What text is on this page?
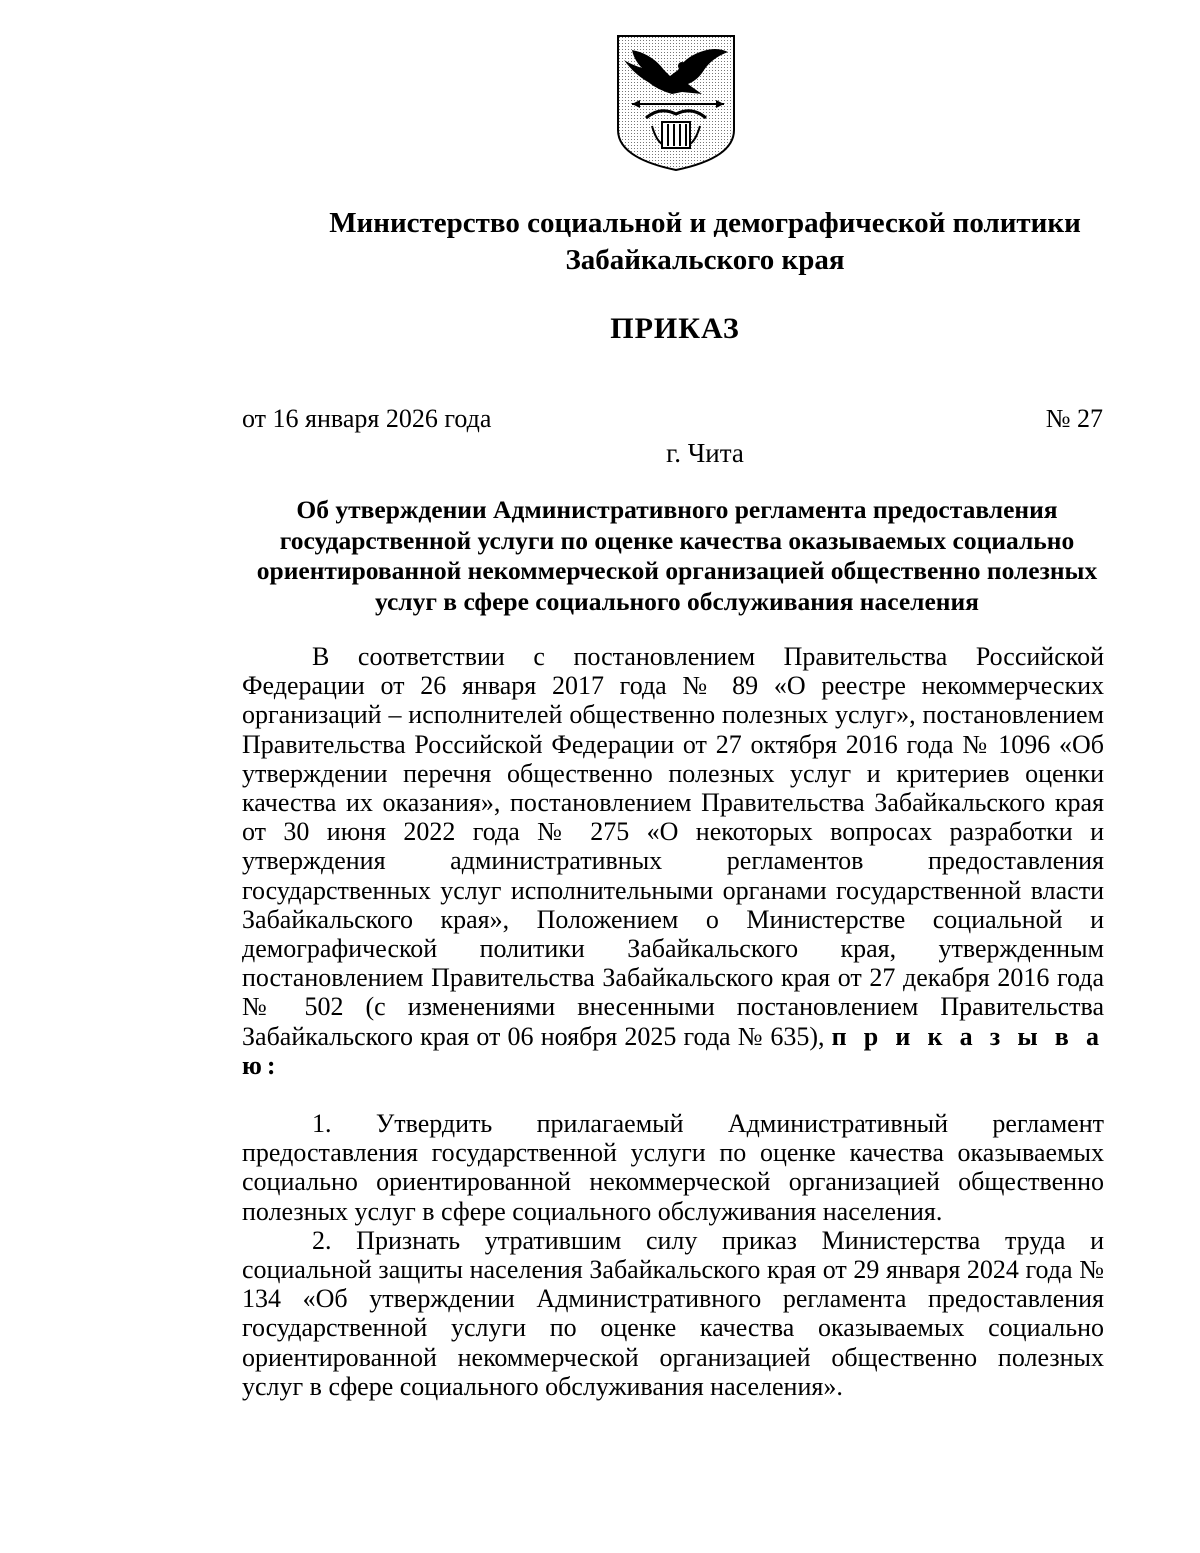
Министерство социальной и демографической политики
Забайкальского края
ПРИКАЗ
от 16 января 2026 года	№ 27
г. Чита
Об утверждении Административного регламента предоставления
государственной услуги по оценке качества оказываемых социально
ориентированной некоммерческой организацией общественно полезных
услуг в сфере социального обслуживания населения

В соответствии с постановлением Правительства Российской Федерации от 26 января 2017 года № 89 «О реестре некоммерческих организаций – исполнителей общественно полезных услуг», постановлением Правительства Российской Федерации от 27 октября 2016 года № 1096 «Об утверждении перечня общественно полезных услуг и критериев оценки качества их оказания», постановлением Правительства Забайкальского края от 30 июня 2022 года № 275 «О некоторых вопросах разработки и утверждения административных регламентов предоставления государственных услуг исполнительными органами государственной власти Забайкальского края», Положением о Министерстве социальной и демографической политики Забайкальского края, утвержденным постановлением Правительства Забайкальского края от 27 декабря 2016 года № 502 (с изменениями внесенными постановлением Правительства Забайкальского края от 06 ноября 2025 года № 635), п р и к а з ы в а ю:

1. Утвердить прилагаемый Административный регламент предоставления государственной услуги по оценке качества оказываемых социально ориентированной некоммерческой организацией общественно полезных услуг в сфере социального обслуживания населения.

2. Признать утратившим силу приказ Министерства труда и социальной защиты населения Забайкальского края от 29 января 2024 года № 134 «Об утверждении Административного регламента предоставления государственной услуги по оценке качества оказываемых социально ориентированной некоммерческой организацией общественно полезных услуг в сфере социального обслуживания населения».
